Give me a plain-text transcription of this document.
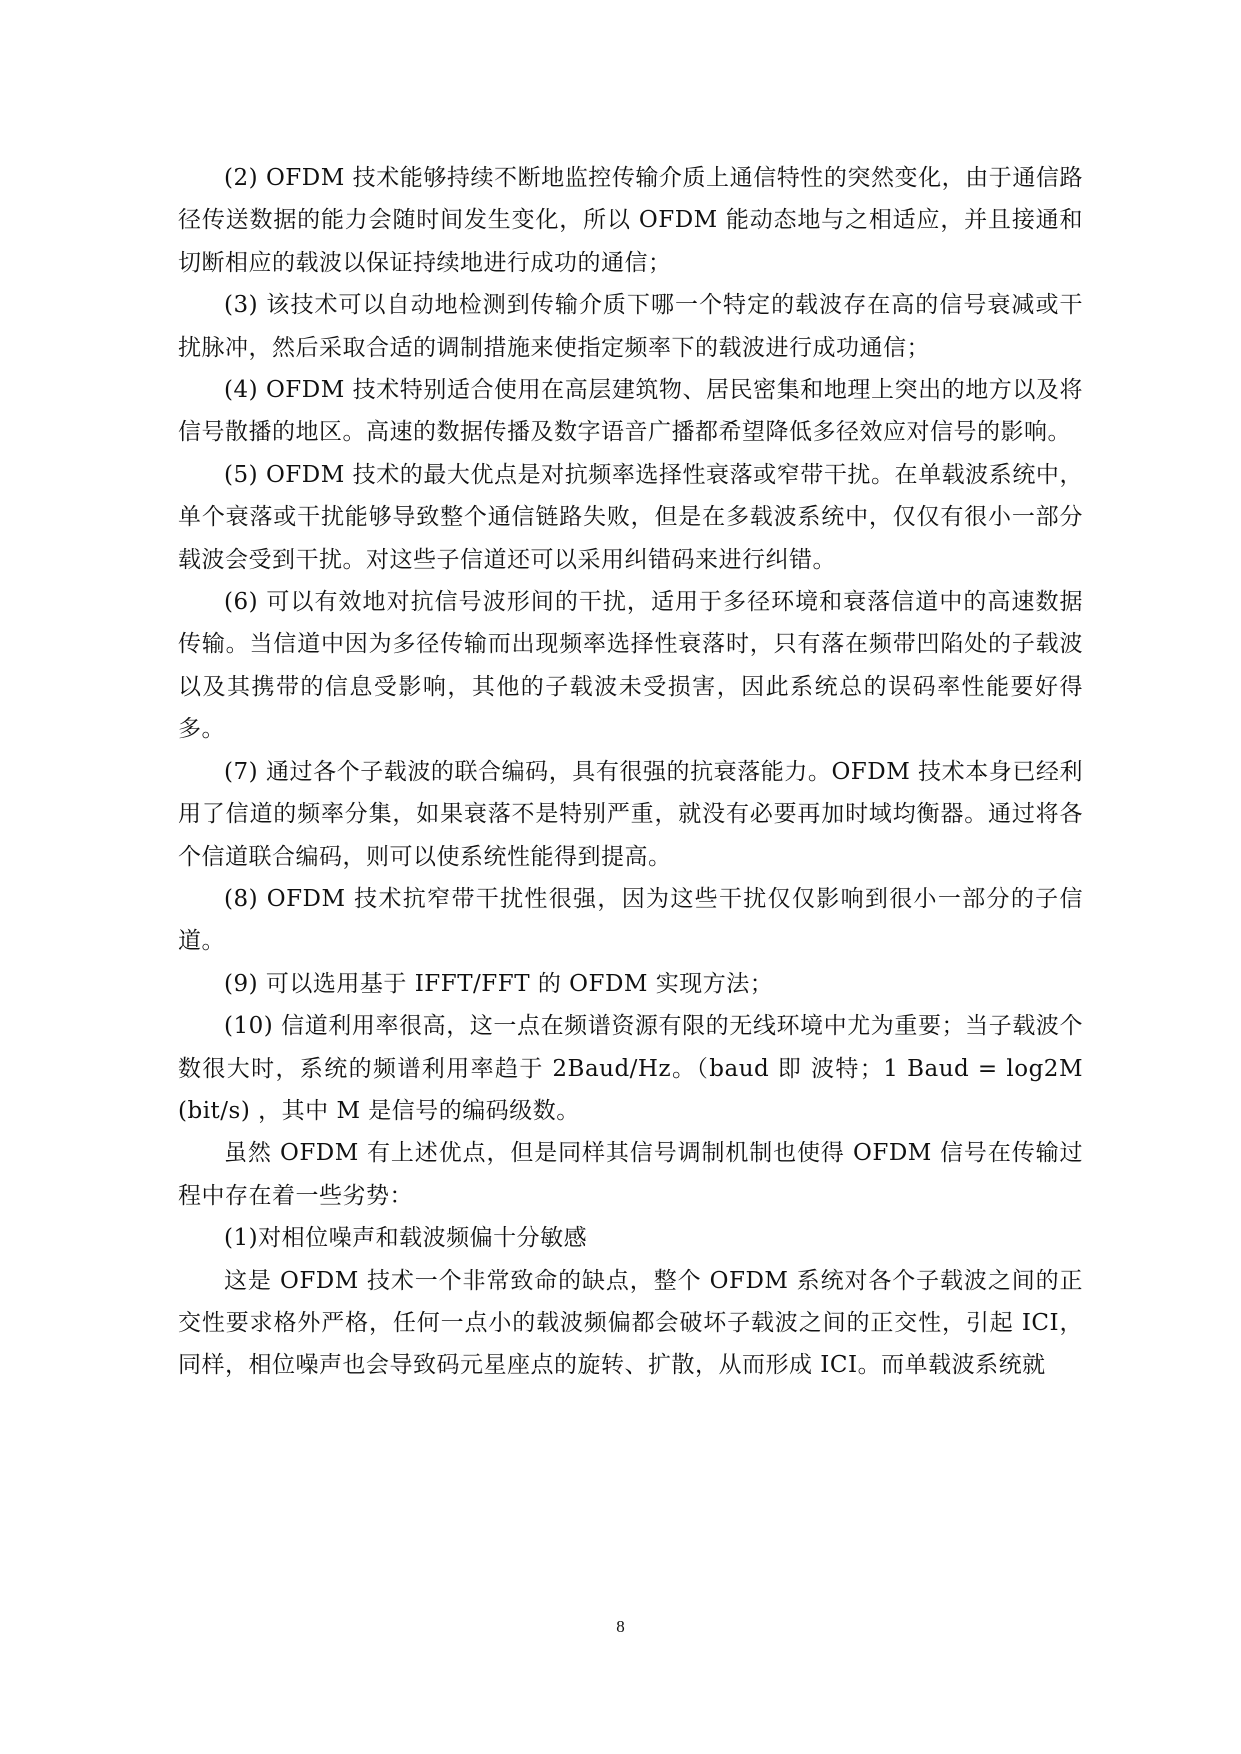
(2) OFDM 技术能够持续不断地监控传输介质上通信特性的突然变化，由于通信路径传送数据的能力会随时间发生变化，所以 OFDM 能动态地与之相适应，并且接通和切断相应的载波以保证持续地进行成功的通信；

(3) 该技术可以自动地检测到传输介质下哪一个特定的载波存在高的信号衰减或干扰脉冲，然后采取合适的调制措施来使指定频率下的载波进行成功通信；

(4) OFDM 技术特别适合使用在高层建筑物、居民密集和地理上突出的地方以及将信号散播的地区。高速的数据传播及数字语音广播都希望降低多径效应对信号的影响。

(5) OFDM 技术的最大优点是对抗频率选择性衰落或窄带干扰。在单载波系统中，单个衰落或干扰能够导致整个通信链路失败，但是在多载波系统中，仅仅有很小一部分载波会受到干扰。对这些子信道还可以采用纠错码来进行纠错。

(6) 可以有效地对抗信号波形间的干扰，适用于多径环境和衰落信道中的高速数据传输。当信道中因为多径传输而出现频率选择性衰落时，只有落在频带凹陷处的子载波以及其携带的信息受影响，其他的子载波未受损害，因此系统总的误码率性能要好得多。

(7) 通过各个子载波的联合编码，具有很强的抗衰落能力。OFDM 技术本身已经利用了信道的频率分集，如果衰落不是特别严重，就没有必要再加时域均衡器。通过将各个信道联合编码，则可以使系统性能得到提高。

(8) OFDM 技术抗窄带干扰性很强，因为这些干扰仅仅影响到很小一部分的子信道。

(9) 可以选用基于 IFFT/FFT 的 OFDM 实现方法；

(10) 信道利用率很高，这一点在频谱资源有限的无线环境中尤为重要；当子载波个数很大时，系统的频谱利用率趋于 2Baud/Hz。（baud 即 波特；1 Baud = log2M (bit/s) ，其中 M 是信号的编码级数。

虽然 OFDM 有上述优点，但是同样其信号调制机制也使得 OFDM 信号在传输过程中存在着一些劣势：

(1)对相位噪声和载波频偏十分敏感

这是 OFDM 技术一个非常致命的缺点，整个 OFDM 系统对各个子载波之间的正交性要求格外严格，任何一点小的载波频偏都会破坏子载波之间的正交性，引起 ICI，同样，相位噪声也会导致码元星座点的旋转、扩散，从而形成 ICI。而单载波系统就

8
